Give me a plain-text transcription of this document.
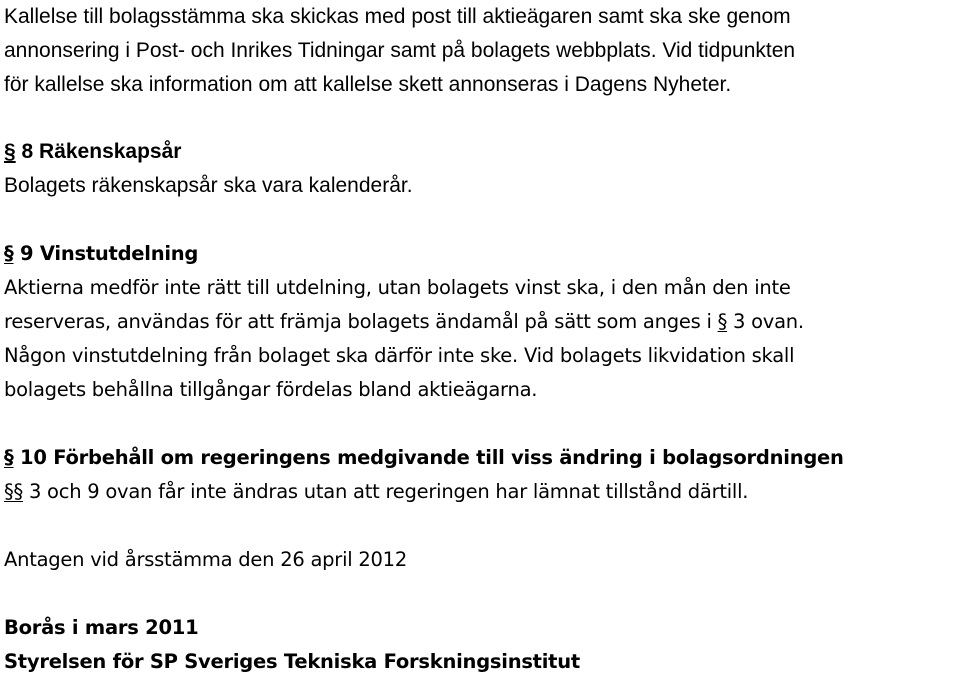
Kallelse till bolagsstämma ska skickas med post till aktieägaren samt ska ske genom
annonsering i Post- och Inrikes Tidningar samt på bolagets webbplats. Vid tidpunkten
för kallelse ska information om att kallelse skett annonseras i Dagens Nyheter.
§ 8 Räkenskapsår
Bolagets räkenskapsår ska vara kalenderår.
§ 9 Vinstutdelning
Aktierna medför inte rätt till utdelning, utan bolagets vinst ska, i den mån den inte
reserveras, användas för att främja bolagets ändamål på sätt som anges i § 3 ovan.
Någon vinstutdelning från bolaget ska därför inte ske. Vid bolagets likvidation skall
bolagets behållna tillgångar fördelas bland aktieägarna.
§ 10 Förbehåll om regeringens medgivande till viss ändring i bolagsordningen
§§ 3 och 9 ovan får inte ändras utan att regeringen har lämnat tillstånd därtill.
Antagen vid årsstämma den 26 april 2012
Borås i mars 2011
Styrelsen för SP Sveriges Tekniska Forskningsinstitut
